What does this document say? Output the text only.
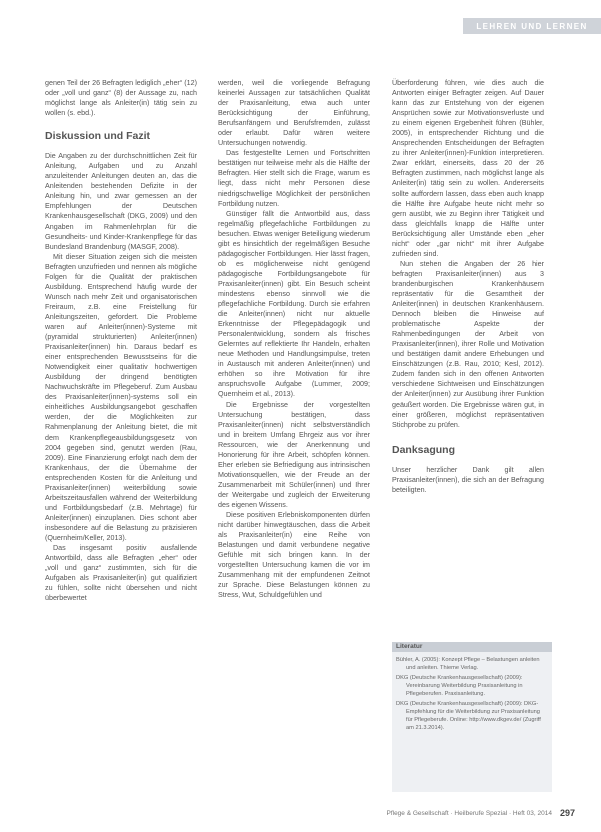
LEHREN UND LERNEN

genen Teil der 26 Befragten lediglich „eher“ (12) oder „voll und ganz“ (8) der Aussage zu, nach möglichst lange als Anleiter(in) tätig sein zu wollen (s. ebd.).

Diskussion und Fazit

Die Angaben zu der durchschnittlichen Zeit für Anleitung, Aufgaben und zu Anzahl anzuleitender Anleitungen deuten an, das die Anleitenden bestehenden Defizite in der Anleitung hin, und zwar gemessen an der Empfehlungen der Deutschen Krankenhausgesellschaft (DKG, 2009) und den Angaben im Rahmenlehrplan für die Gesundheits- und Kinder-Krankenpflege für das Bundesland Brandenburg (MASGF, 2008).

Mit dieser Situation zeigen sich die meisten Befragten unzufrieden und nennen als mögliche Folgen für die Qualität der praktischen Ausbildung. Entsprechend häufig wurde der Wunsch nach mehr Zeit und organisatorischen Freiraum, z.B. eine Freistellung für Anleitungszeiten, gefordert. Die Probleme waren auf Anleiter(innen)-Systeme mit (pyramidal strukturierten) Anleiter(innen) Praxisanleiter(innen) hin. Daraus bedarf es einer entsprechenden Bewusstseins für die Notwendigkeit einer qualitativ hochwertigen Ausbildung der dringend benötigten Nachwuchskräfte im Pflegeberuf. Zum Ausbau des Praxisanleiter(innen)-systems soll ein einheitliches Ausbildungsangebot geschaffen werden, der die Möglichkeiten zur Rahmenplanung der Anleitung bietet, die mit dem Krankenpflegeausbildungsgesetz von 2004 gegeben sind, genutzt werden (Rau, 2009). Eine Finanzierung erfolgt nach dem der Krankenhaus, der die Übernahme der entsprechenden Kosten für die Anleitung und Praxisanleiter(innen) weiterbildung sowie Arbeitszeitausfallen während der Weiterbildung und Fortbildungsbedarf (z.B. Mehrtage) für Anleiter(innen) einzuplanen. Dies schont aber insbesondere auf die Belastung zu präzisieren (Quernheim/Keller, 2013).

Das insgesamt positiv ausfallende Antwortbild, dass alle Befragten „eher“ oder „voll und ganz“ zustimmten, sich für die Aufgaben als Praxisanleiter(in) gut qualifiziert zu fühlen, sollte nicht übersehen und nicht überbewertet

werden, weil die vorliegende Befragung keinerlei Aussagen zur tatsächlichen Qualität der Praxisanleitung, etwa auch unter Berücksichtigung der Einführung, Berufsanfängern und Berufsfremden, zulässt oder erlaubt. Dafür wären weitere Untersuchungen notwendig.

Das festgestellte Lernen und Fortschritten bestätigen nur teilweise mehr als die Hälfte der Befragten. Hier stellt sich die Frage, warum es liegt, dass nicht mehr Personen diese niedrigschwellige Möglichkeit der persönlichen Fortbildung nutzen.

Günstiger fällt die Antwortbild aus, dass regelmäßig pflegefachliche Fortbildungen zu besuchen. Etwas weniger Beteiligung wiederum gibt es hinsichtlich der regelmäßigen Besuche pädagogischer Fortbildungen. Hier lässt fragen, ob es möglicherweise nicht genügend pädagogische Fortbildungsangebote für Praxisanleiter(innen) gibt. Ein Besuch scheint mindestens ebenso sinnvoll wie die pflegefachliche Fortbildung. Durch sie erfahren die Anleiter(innen) nicht nur aktuelle Erkenntnisse der Pflegepädagogik und Personalentwicklung, sondern als frisches Gelerntes auf reflektierte Ihr Handeln, erhalten neue Methoden und Handlungsimpulse, treten in Austausch mit anderen Anleiter(innen) und erhöhen so ihre Motivation für ihre anspruchsvolle Aufgabe (Lummer, 2009; Quernheim et al., 2013).

Die Ergebnisse der vorgestellten Untersuchung bestätigen, dass Praxisanleiter(innen) nicht selbstverständlich und in breitem Umfang Ehrgeiz aus vor ihrer Ressourcen, wie der Anerkennung und Honorierung für ihre Arbeit, schöpfen können. Eher erleben sie Befriedigung aus intrinsischen Motivationsquellen, wie der Freude an der Zusammenarbeit mit Schüler(innen) und Ihrer der Weitergabe und zugleich der Erweiterung des eigenen Wissens.

Diese positiven Erlebniskomponenten dürfen nicht darüber hinwegtäuschen, dass die Arbeit als Praxisanleiter(in) eine Reihe von Belastungen und damit verbundene negative Gefühle mit sich bringen kann. In der vorgestellten Untersuchung kamen die vor im Zusammenhang mit der empfundenen Zeitnot zur Sprache. Diese Belastungen können zu Stress, Wut, Schuldgefühlen und

Überforderung führen, wie dies auch die Antworten einiger Befragter zeigen. Auf Dauer kann das zur Entstehung von der eigenen Ansprüchen sowie zur Motivationsverluste und zu einem eigenen Ergebenheit führen (Bühler, 2005), in entsprechender Richtung und die Ansprechenden Entscheidungen der Befragten zu ihrer Anleiter(innen)-Funktion interpretieren. Zwar erklärt, einerseits, dass 20 der 26 Befragten zustimmen, nach möglichst lange als Anleiter(in) tätig sein zu wollen. Andererseits sollte auffordern lassen, dass eben auch knapp die Hälfte ihre Aufgabe heute nicht mehr so gern ausübt, wie zu Beginn ihrer Tätigkeit und dass gleichfalls knapp die Hälfte unter Berücksichtigung aller Umstände eben „eher nicht“ oder „gar nicht“ mit ihrer Aufgabe zufrieden sind.

Nun stehen die Angaben der 26 hier befragten Praxisanleiter(innen) aus 3 brandenburgischen Krankenhäusern repräsentativ für die Gesamtheit der Anleiter(innen) in deutschen Krankenhäusern. Dennoch bleiben die Hinweise auf problematische Aspekte der Rahmenbedingungen der Arbeit von Praxisanleiter(innen), ihrer Rolle und Motivation und bestätigen damit andere Erhebungen und Einschätzungen (z.B. Rau, 2010; Kesl, 2012). Zudem fanden sich in den offenen Antworten verschiedene Sichtweisen und Einschätzungen der Anleiter(innen) zur Ausübung ihrer Funktion geäußert worden. Die Ergebnisse wären gut, in einer größeren, möglichst repräsentativen Stichprobe zu prüfen.

Danksagung

Unser herzlicher Dank gilt allen Praxisanleiter(innen), die sich an der Befragung beteiligten.

Literatur
Bühler, A. (2005): Konzept Pflege – Belastungen anleiten und anleiten. Thieme Verlag.
DKG (Deutsche Krankenhausgesellschaft) (2009): Vereinbarung Weiterbildung Praxisanleitung in Pflegeberufen. Praxisanleitung.
DKG (Deutsche Krankenhausgesellschaft) (2009): DKG-Empfehlung für die Weiterbildung zur Praxisanleitung für Pflegeberufe. Online: http://www.dkgev.de/ (Zugriff am 21.3.2014).
Pflege & Gesellschaft · Heilberufe Spezial · Heft 03, 2014 297
